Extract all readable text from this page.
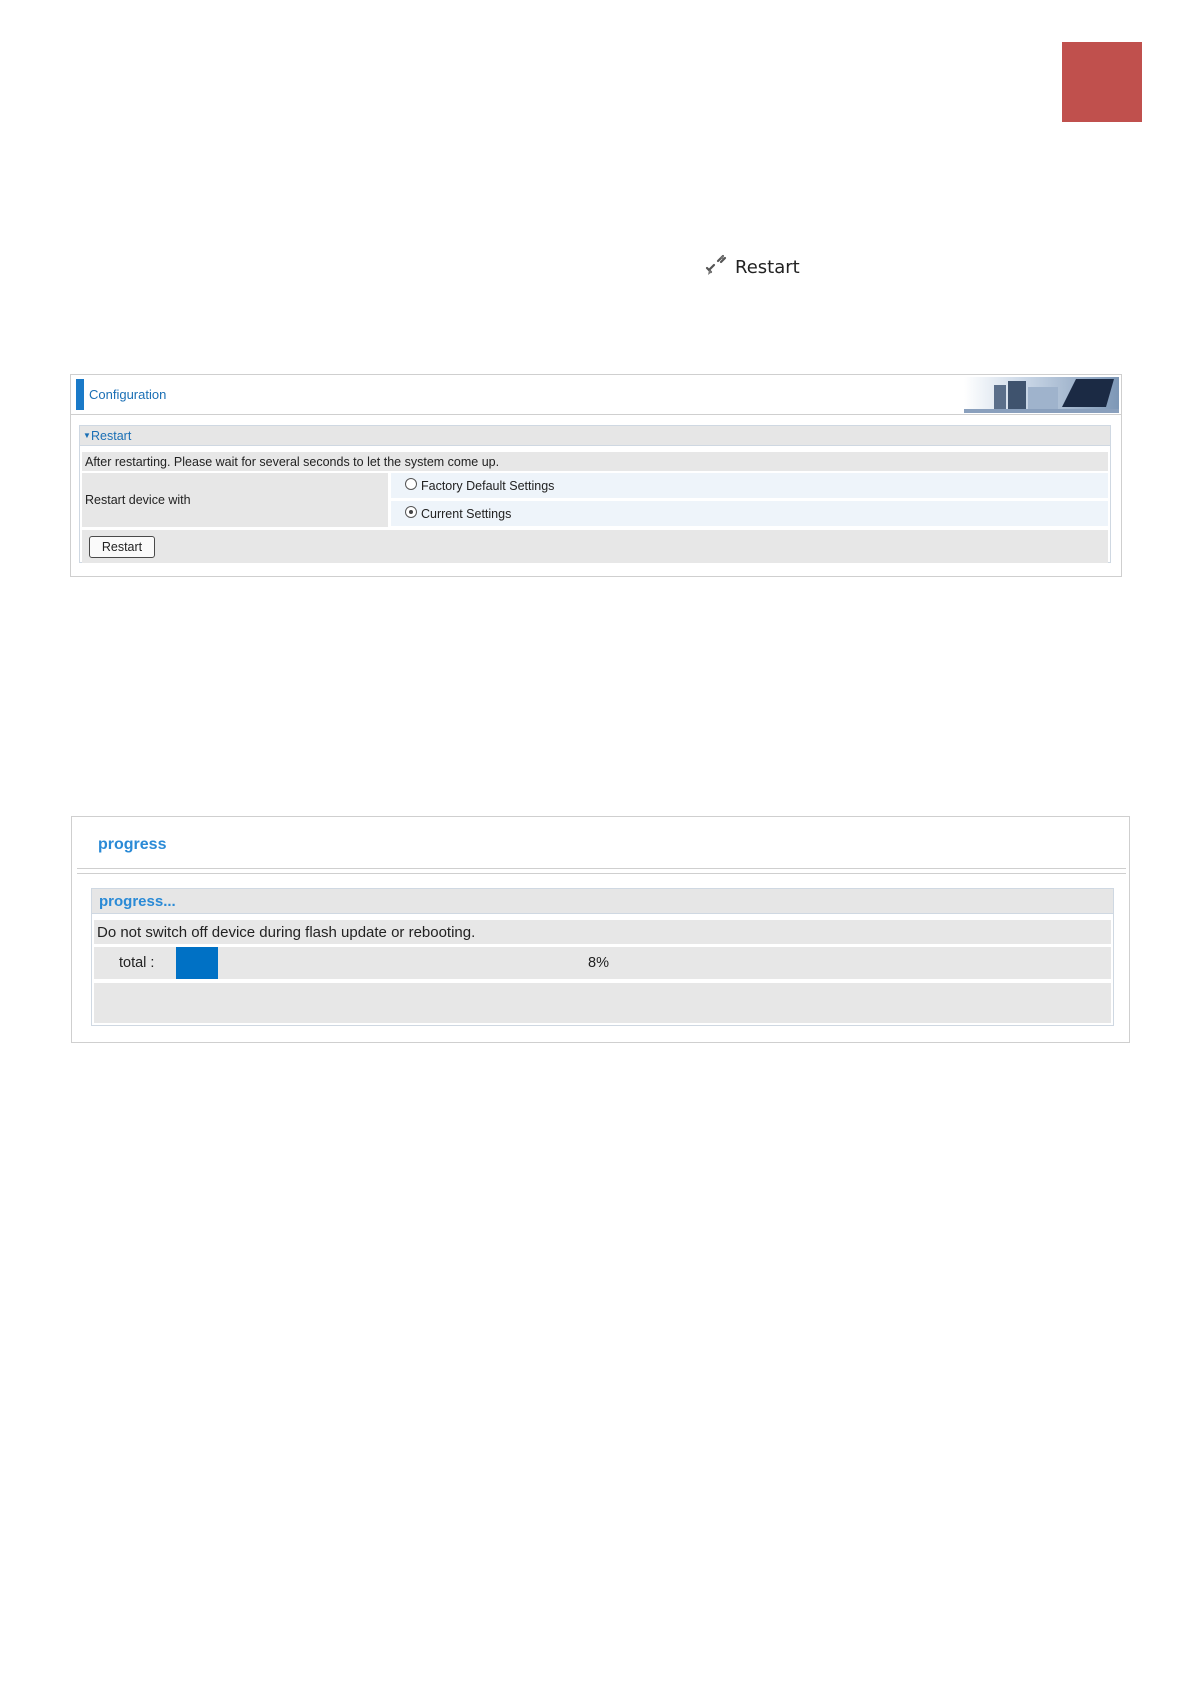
Restart
Configuration
▼ Restart
After restarting. Please wait for several seconds to let the system come up.
Restart device with
Factory Default Settings
Current Settings
Restart
progress
progress...
Do not switch off device during flash update or rebooting.
total :	8%
